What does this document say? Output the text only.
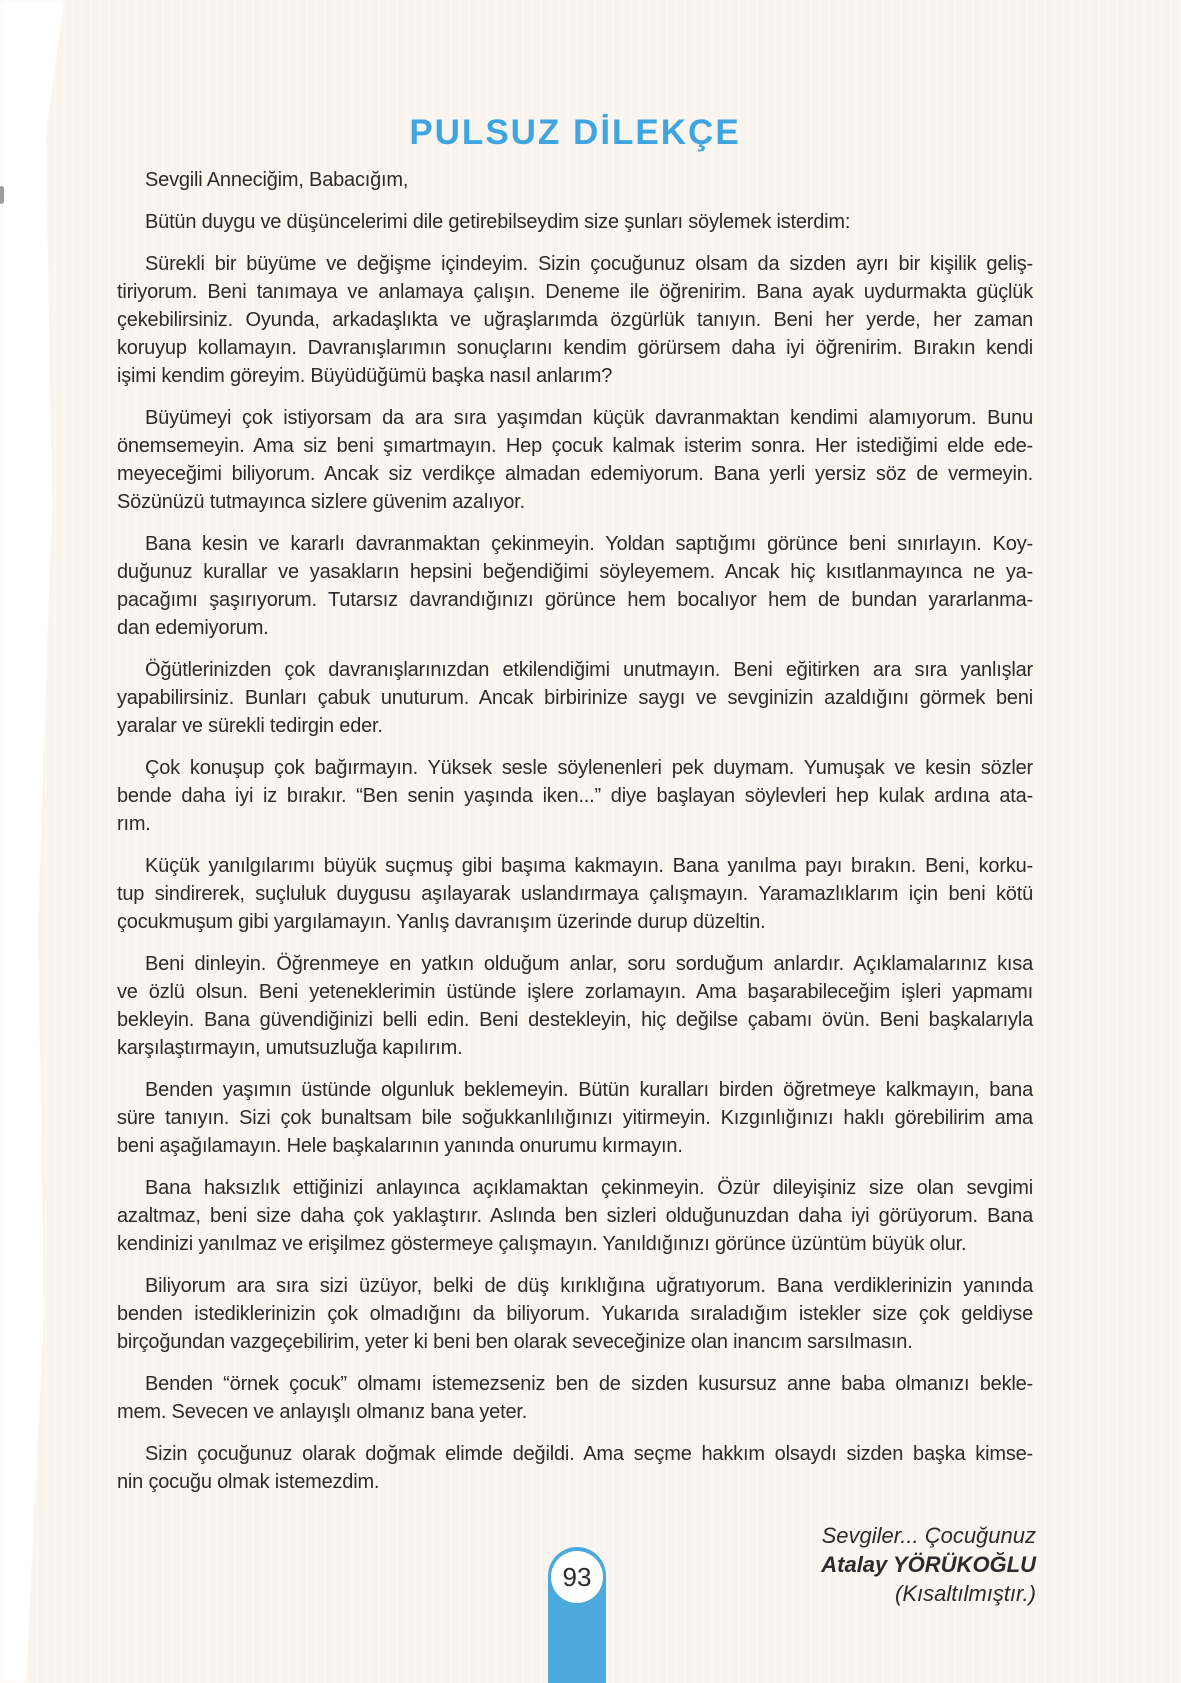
PULSUZ DİLEKÇE

Sevgili Anneciğim, Babacığım,

Bütün duygu ve düşüncelerimi dile getirebilseydim size şunları söylemek isterdim:

Sürekli bir büyüme ve değişme içindeyim. Sizin çocuğunuz olsam da sizden ayrı bir kişilik geliş-
tiriyorum. Beni tanımaya ve anlamaya çalışın. Deneme ile öğrenirim. Bana ayak uydurmakta güçlük
çekebilirsiniz. Oyunda, arkadaşlıkta ve uğraşlarımda özgürlük tanıyın. Beni her yerde, her zaman
koruyup kollamayın. Davranışlarımın sonuçlarını kendim görürsem daha iyi öğrenirim. Bırakın kendi
işimi kendim göreyim. Büyüdüğümü başka nasıl anlarım?

Büyümeyi çok istiyorsam da ara sıra yaşımdan küçük davranmaktan kendimi alamıyorum. Bunu
önemsemeyin. Ama siz beni şımartmayın. Hep çocuk kalmak isterim sonra. Her istediğimi elde ede-
meyeceğimi biliyorum. Ancak siz verdikçe almadan edemiyorum. Bana yerli yersiz söz de vermeyin.
Sözünüzü tutmayınca sizlere güvenim azalıyor.

Bana kesin ve kararlı davranmaktan çekinmeyin. Yoldan saptığımı görünce beni sınırlayın. Koy-
duğunuz kurallar ve yasakların hepsini beğendiğimi söyleyemem. Ancak hiç kısıtlanmayınca ne ya-
pacağımı şaşırıyorum. Tutarsız davrandığınızı görünce hem bocalıyor hem de bundan yararlanma-
dan edemiyorum.

Öğütlerinizden çok davranışlarınızdan etkilendiğimi unutmayın. Beni eğitirken ara sıra yanlışlar
yapabilirsiniz. Bunları çabuk unuturum. Ancak birbirinize saygı ve sevginizin azaldığını görmek beni
yaralar ve sürekli tedirgin eder.

Çok konuşup çok bağırmayın. Yüksek sesle söylenenleri pek duymam. Yumuşak ve kesin sözler
bende daha iyi iz bırakır. “Ben senin yaşında iken...” diye başlayan söylevleri hep kulak ardına ata-
rım.

Küçük yanılgılarımı büyük suçmuş gibi başıma kakmayın. Bana yanılma payı bırakın. Beni, korku-
tup sindirerek, suçluluk duygusu aşılayarak uslandırmaya çalışmayın. Yaramazlıklarım için beni kötü
çocukmuşum gibi yargılamayın. Yanlış davranışım üzerinde durup düzeltin.

Beni dinleyin. Öğrenmeye en yatkın olduğum anlar, soru sorduğum anlardır. Açıklamalarınız kısa
ve özlü olsun. Beni yeteneklerimin üstünde işlere zorlamayın. Ama başarabileceğim işleri yapmamı
bekleyin. Bana güvendiğinizi belli edin. Beni destekleyin, hiç değilse çabamı övün. Beni başkalarıyla
karşılaştırmayın, umutsuzluğa kapılırım.

Benden yaşımın üstünde olgunluk beklemeyin. Bütün kuralları birden öğretmeye kalkmayın, bana
süre tanıyın. Sizi çok bunaltsam bile soğukkanlılığınızı yitirmeyin. Kızgınlığınızı haklı görebilirim ama
beni aşağılamayın. Hele başkalarının yanında onurumu kırmayın.

Bana haksızlık ettiğinizi anlayınca açıklamaktan çekinmeyin. Özür dileyişiniz size olan sevgimi
azaltmaz, beni size daha çok yaklaştırır. Aslında ben sizleri olduğunuzdan daha iyi görüyorum. Bana
kendinizi yanılmaz ve erişilmez göstermeye çalışmayın. Yanıldığınızı görünce üzüntüm büyük olur.

Biliyorum ara sıra sizi üzüyor, belki de düş kırıklığına uğratıyorum. Bana verdiklerinizin yanında
benden istediklerinizin çok olmadığını da biliyorum. Yukarıda sıraladığım istekler size çok geldiyse
birçoğundan vazgeçebilirim, yeter ki beni ben olarak seveceğinize olan inancım sarsılmasın.

Benden “örnek çocuk” olmamı istemezseniz ben de sizden kusursuz anne baba olmanızı bekle-
mem. Sevecen ve anlayışlı olmanız bana yeter.

Sizin çocuğunuz olarak doğmak elimde değildi. Ama seçme hakkım olsaydı sizden başka kimse-
nin çocuğu olmak istemezdim.

Sevgiler... Çocuğunuz
Atalay YÖRÜKOĞLU
(Kısaltılmıştır.)
93
